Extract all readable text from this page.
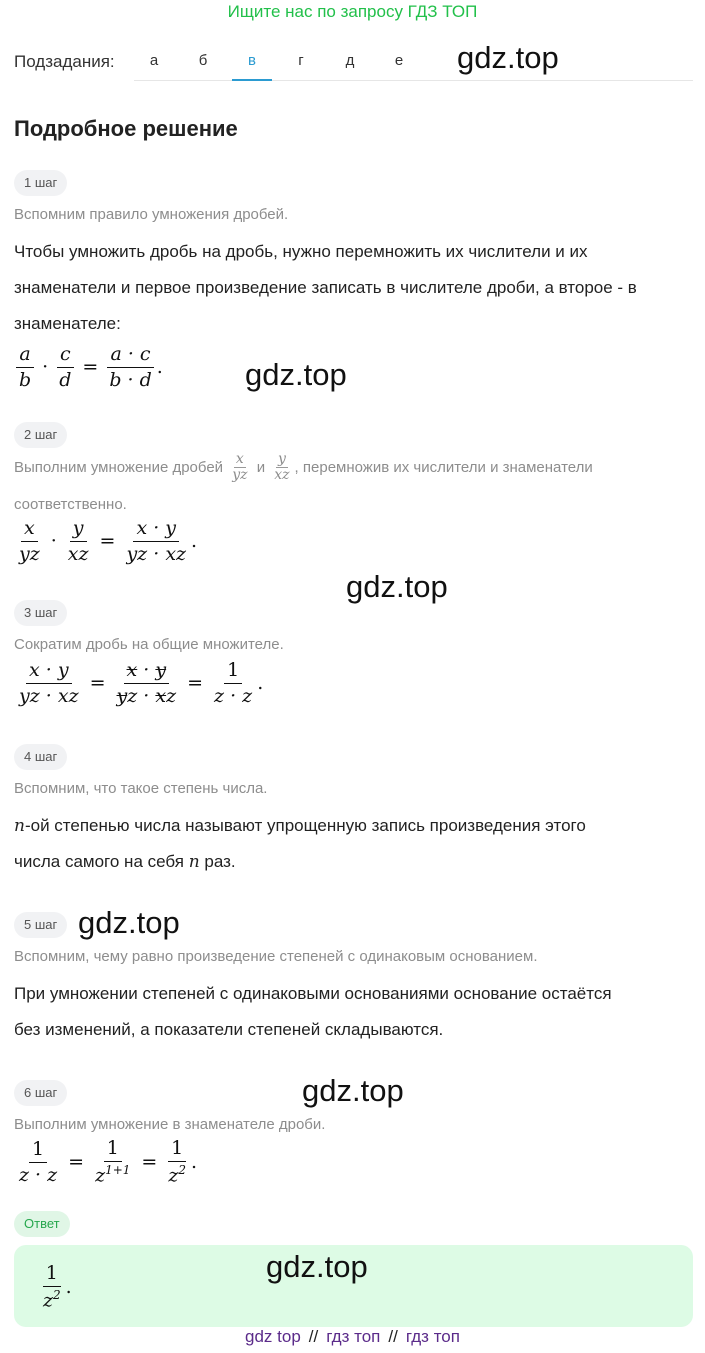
Ищите нас по запросу ГДЗ ТОП
Подзадания:	а	б	в	г	д	е	gdz.top
Подробное решение
1 шаг
Вспомним правило умножения дробей.
Чтобы умножить дробь на дробь, нужно перемножить их числители и их
знаменатели и первое произведение записать в числителе дроби, а второе - в
знаменателе:
$\frac{a}{b} \cdot \frac{c}{d} = \frac{a \cdot c}{b \cdot d}$ .	gdz.top
2 шаг
Выполним умножение дробей $\frac{x}{yz}$ и $\frac{y}{xz}$ , перемножив их числители и знаменатели
соответственно.
$\frac{x}{yz} \cdot \frac{y}{xz} = \frac{x \cdot y}{yz \cdot xz}$ .
gdz.top
3 шаг
Сократим дробь на общие множителе.
$\frac{x \cdot y}{yz \cdot xz} = \frac{x \cdot y}{yz \cdot xz} = \frac{1}{z \cdot z}$ .
4 шаг
Вспомним, что такое степень числа.
n-ой степенью числа называют упрощенную запись произведения этого
числа самого на себя n раз.
5 шаг gdz.top
Вспомним, чему равно произведение степеней с одинаковым основанием.
При умножении степеней с одинаковыми основаниями основание остаётся
без изменений, а показатели степеней складываются.
6 шаг	gdz.top
Выполним умножение в знаменателе дроби.
$\frac{1}{z \cdot z} = \frac{1}{z^{1+1}} = \frac{1}{z^2}$ .
Ответ
$\frac{1}{z^2}$ .
gdz.top
gdz top // гдз топ // гдз топ
